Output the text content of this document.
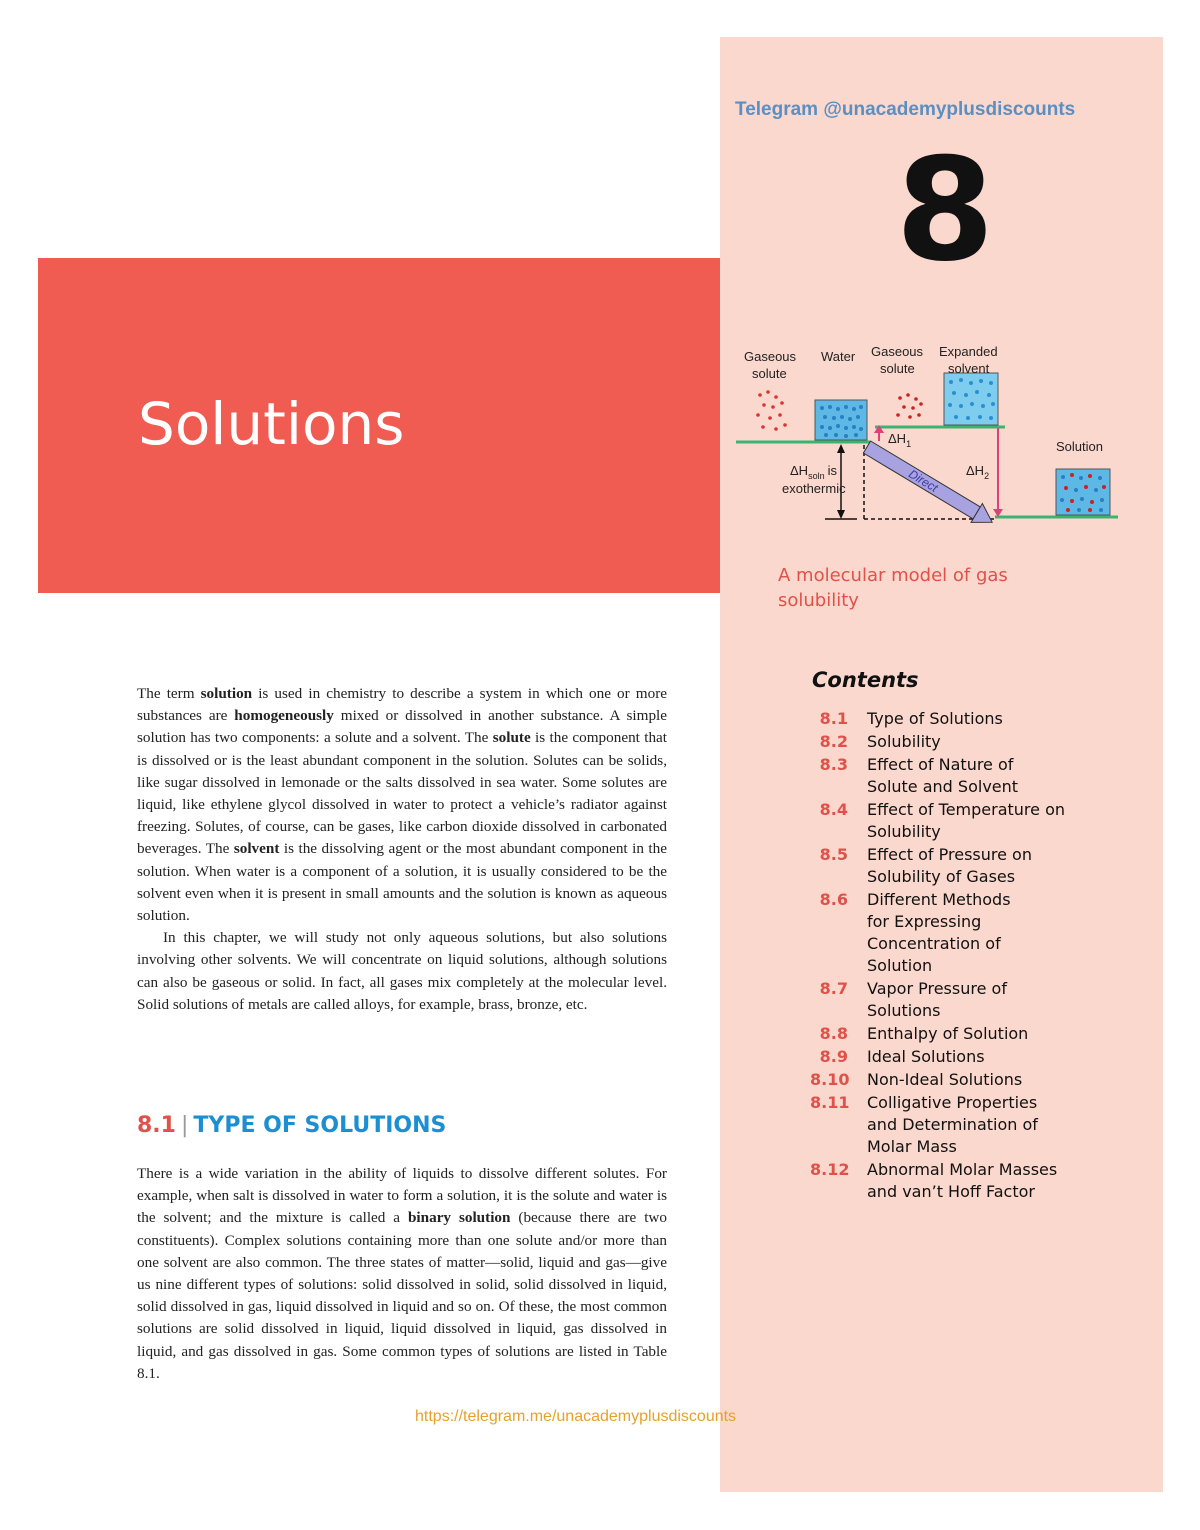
Telegram @unacademyplusdiscounts
8
Solutions
Direct
Gaseous
solute
Water Gaseous
solute
Expanded
solvent
Solution
$\Delta H_1$
$\Delta H_2$
$\Delta H_{soln}$ is
exothermic
A molecular model of gas solubility
Contents
8.1	Type of Solutions
8.2	Solubility
8.3	Effect of Nature of Solute and Solvent
8.4	Effect of Temperature on Solubility
8.5	Effect of Pressure on Solubility of Gases
8.6	Different Methods for Expressing Concentration of Solution
8.7	Vapor Pressure of Solutions
8.8	Enthalpy of Solution
8.9	Ideal Solutions
8.10	Non-Ideal Solutions
8.11	Colligative Properties and Determination of Molar Mass
8.12	Abnormal Molar Masses and van’t Hoff Factor

The term solution is used in chemistry to describe a system in which one or more substances are homogeneously mixed or dissolved in another substance. A simple solution has two components: a solute and a solvent. The solute is the component that is dissolved or is the least abundant component in the solution. Solutes can be solids, like sugar dissolved in lemonade or the salts dissolved in sea water. Some solutes are liquid, like ethylene glycol dissolved in water to protect a vehicle’s radiator against freezing. Solutes, of course, can be gases, like carbon dioxide dissolved in carbonated beverages. The solvent is the dissolving agent or the most abundant component in the solution. When water is a component of a solution, it is usually considered to be the solvent even when it is present in small amounts and the solution is known as aqueous solution.

In this chapter, we will study not only aqueous solutions, but also solutions involving other solvents. We will concentrate on liquid solutions, although solutions can also be gaseous or solid. In fact, all gases mix completely at the molecular level. Solid solutions of metals are called alloys, for example, brass, bronze, etc.

8.1 | TYPE OF SOLUTIONS

There is a wide variation in the ability of liquids to dissolve different solutes. For example, when salt is dissolved in water to form a solution, it is the solute and water is the solvent; and the mixture is called a binary solution (because there are two constituents). Complex solutions containing more than one solute and/or more than one solvent are also common. The three states of matter—solid, liquid and gas—give us nine different types of solutions: solid dissolved in solid, solid dissolved in liquid, solid dissolved in gas, liquid dissolved in liquid and so on. Of these, the most common solutions are solid dissolved in liquid, liquid dissolved in liquid, gas dissolved in liquid, and gas dissolved in gas. Some common types of solutions are listed in Table 8.1.

https://telegram.me/unacademyplusdiscounts
